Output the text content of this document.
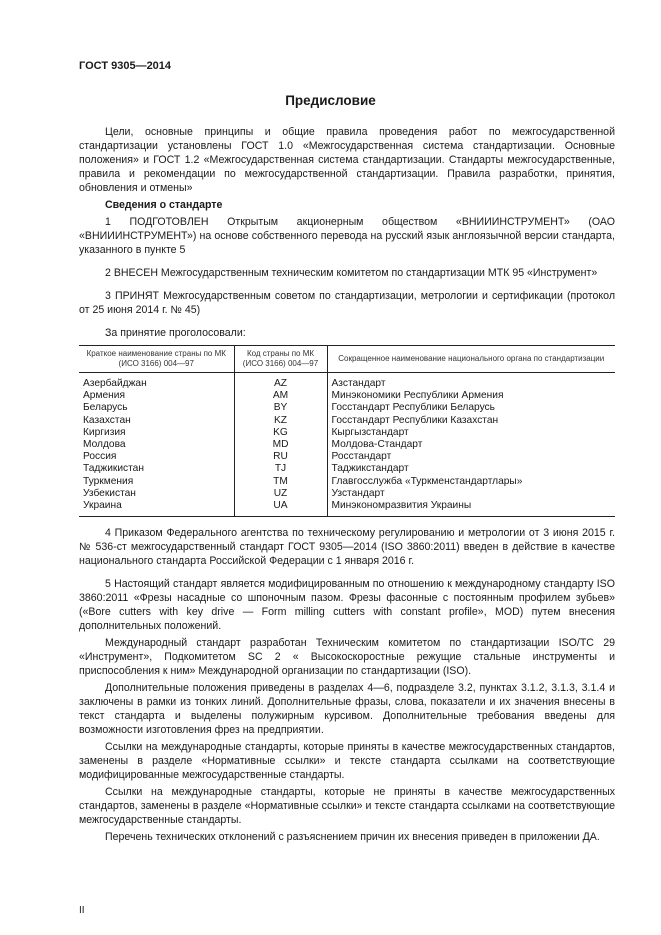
ГОСТ 9305—2014
Предисловие

Цели, основные принципы и общие правила проведения работ по межгосударственной стандартизации установлены ГОСТ 1.0 «Межгосударственная система стандартизации. Основные положения» и ГОСТ 1.2 «Межгосударственная система стандартизации. Стандарты межгосударственные, правила и рекомендации по межгосударственной стандартизации. Правила разработки, принятия, обновления и отмены»

Сведения о стандарте

1 ПОДГОТОВЛЕН Открытым акционерным обществом «ВНИИИНСТРУМЕНТ» (ОАО «ВНИИИНСТРУМЕНТ») на основе собственного перевода на русский язык англоязычной версии стандарта, указанного в пункте 5

2 ВНЕСЕН Межгосударственным техническим комитетом по стандартизации МТК 95 «Инструмент»

3 ПРИНЯТ Межгосударственным советом по стандартизации, метрологии и сертификации (протокол от 25 июня 2014 г. № 45)

За принятие проголосовали:

Краткое наименование страны по МК (ИСО 3166) 004—97	Код страны по МК (ИСО 3166) 004—97	Сокращенное наименование национального органа по стандартизации
Азербайджан	AZ	Азстандарт
Армения	AM	Минэкономики Республики Армения
Беларусь	BY	Госстандарт Республики Беларусь
Казахстан	KZ	Госстандарт Республики Казахстан
Киргизия	KG	Кыргызстандарт
Молдова	MD	Молдова-Стандарт
Россия	RU	Росстандарт
Таджикистан	TJ	Таджикстандарт
Туркмения	TM	Главгосслужба «Туркменстандартлары»
Узбекистан	UZ	Узстандарт
Украина	UA	Минэкономразвития Украины

4 Приказом Федерального агентства по техническому регулированию и метрологии от 3 июня 2015 г. № 536-ст межгосударственный стандарт ГОСТ 9305—2014 (ISO 3860:2011) введен в действие в качестве национального стандарта Российской Федерации с 1 января 2016 г.

5 Настоящий стандарт является модифицированным по отношению к международному стандарту ISO 3860:2011 «Фрезы насадные со шпоночным пазом. Фрезы фасонные с постоянным профилем зубьев» («Bore cutters with key drive — Form milling cutters with constant profile», MOD) путем внесения дополнительных положений.

Международный стандарт разработан Техническим комитетом по стандартизации ISO/TC 29 «Инструмент», Подкомитетом SC 2 « Высокоскоростные режущие стальные инструменты и приспособления к ним» Международной организации по стандартизации (ISO).

Дополнительные положения приведены в разделах 4—6, подразделе 3.2, пунктах 3.1.2, 3.1.3, 3.1.4 и заключены в рамки из тонких линий. Дополнительные фразы, слова, показатели и их значения внесены в текст стандарта и выделены полужирным курсивом. Дополнительные требования введены для возможности изготовления фрез на предприятии.

Ссылки на международные стандарты, которые приняты в качестве межгосударственных стандартов, заменены в разделе «Нормативные ссылки» и тексте стандарта ссылками на соответствующие модифицированные межгосударственные стандарты.

Ссылки на международные стандарты, которые не приняты в качестве межгосударственных стандартов, заменены в разделе «Нормативные ссылки» и тексте стандарта ссылками на соответствующие межгосударственные стандарты.

Перечень технических отклонений с разъяснением причин их внесения приведен в приложении ДА.

II
